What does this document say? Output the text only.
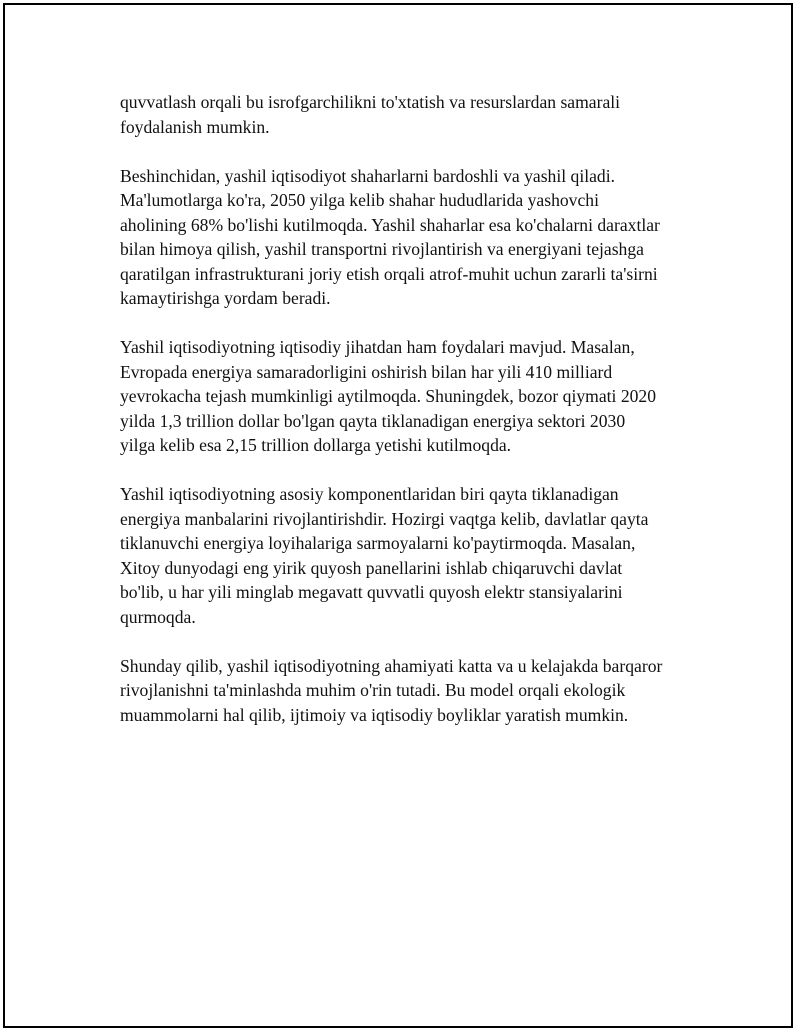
quvvatlash orqali bu isrofgarchilikni to'xtatish va resurslardan samarali
foydalanish mumkin.

Beshinchidan, yashil iqtisodiyot shaharlarni bardoshli va yashil qiladi.
Ma'lumotlarga ko'ra, 2050 yilga kelib shahar hududlarida yashovchi
aholining 68% bo'lishi kutilmoqda. Yashil shaharlar esa ko'chalarni daraxtlar
bilan himoya qilish, yashil transportni rivojlantirish va energiyani tejashga
qaratilgan infrastrukturani joriy etish orqali atrof-muhit uchun zararli ta'sirni
kamaytirishga yordam beradi.

Yashil iqtisodiyotning iqtisodiy jihatdan ham foydalari mavjud. Masalan,
Evropada energiya samaradorligini oshirish bilan har yili 410 milliard
yevrokacha tejash mumkinligi aytilmoqda. Shuningdek, bozor qiymati 2020
yilda 1,3 trillion dollar bo'lgan qayta tiklanadigan energiya sektori 2030
yilga kelib esa 2,15 trillion dollarga yetishi kutilmoqda.

Yashil iqtisodiyotning asosiy komponentlaridan biri qayta tiklanadigan
energiya manbalarini rivojlantirishdir. Hozirgi vaqtga kelib, davlatlar qayta
tiklanuvchi energiya loyihalariga sarmoyalarni ko'paytirmoqda. Masalan,
Xitoy dunyodagi eng yirik quyosh panellarini ishlab chiqaruvchi davlat
bo'lib, u har yili minglab megavatt quvvatli quyosh elektr stansiyalarini
qurmoqda.

Shunday qilib, yashil iqtisodiyotning ahamiyati katta va u kelajakda barqaror
rivojlanishni ta'minlashda muhim o'rin tutadi. Bu model orqali ekologik
muammolarni hal qilib, ijtimoiy va iqtisodiy boyliklar yaratish mumkin.
